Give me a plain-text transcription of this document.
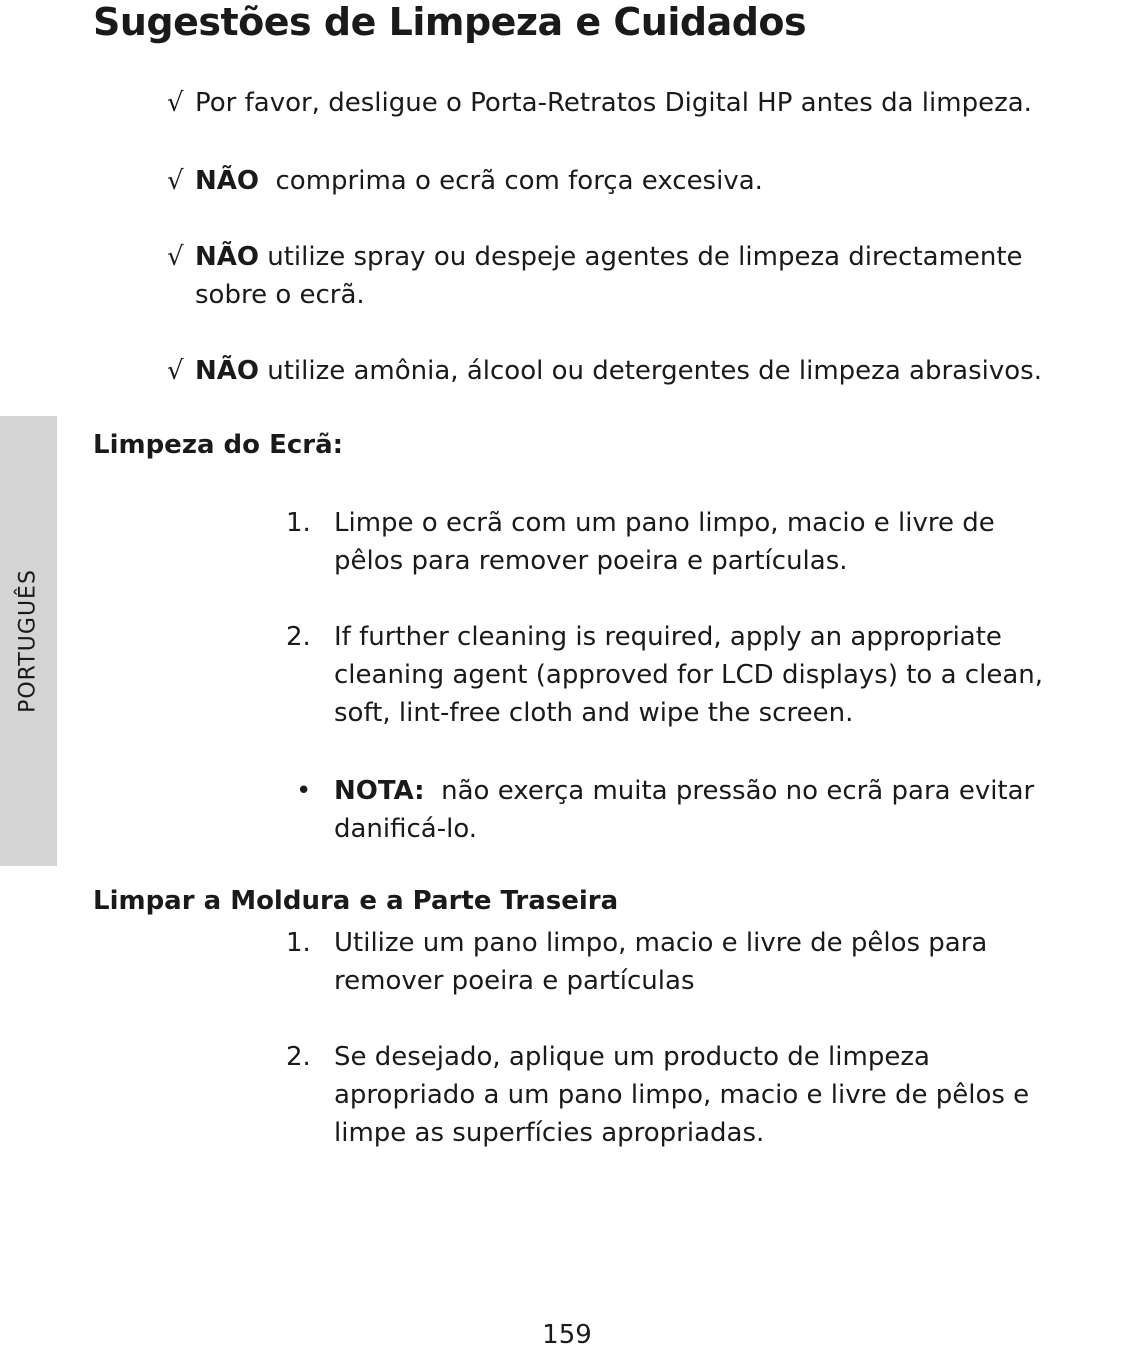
PORTUGUÊS
Sugestões de Limpeza e Cuidados
√ Por favor, desligue o Porta-Retratos Digital HP antes da limpeza.
√ NÃO comprima o ecrã com força excesiva.
√ NÃO utilize spray ou despeje agentes de limpeza directamente
sobre o ecrã.
√ NÃO utilize amônia, álcool ou detergentes de limpeza abrasivos.
Limpeza do Ecrã:
1. Limpe o ecrã com um pano limpo, macio e livre de
pêlos para remover poeira e partículas.
2. If further cleaning is required, apply an appropriate
cleaning agent (approved for LCD displays) to a clean,
soft, lint-free cloth and wipe the screen.
• NOTA: não exerça muita pressão no ecrã para evitar
danificá-lo.
Limpar a Moldura e a Parte Traseira
1. Utilize um pano limpo, macio e livre de pêlos para
remover poeira e partículas
2. Se desejado, aplique um producto de limpeza
apropriado a um pano limpo, macio e livre de pêlos e
limpe as superfícies apropriadas.
159
